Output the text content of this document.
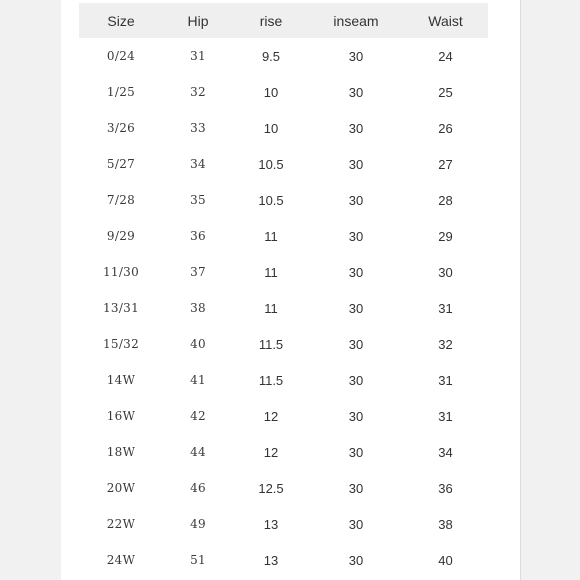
Size	Hip	rise	inseam	Waist
0/24	31	9.5	30	24
1/25	32	10	30	25
3/26	33	10	30	26
5/27	34	10.5	30	27
7/28	35	10.5	30	28
9/29	36	11	30	29
11/30	37	11	30	30
13/31	38	11	30	31
15/32	40	11.5	30	32
14W	41	11.5	30	31
16W	42	12	30	31
18W	44	12	30	34
20W	46	12.5	30	36
22W	49	13	30	38
24W	51	13	30	40
